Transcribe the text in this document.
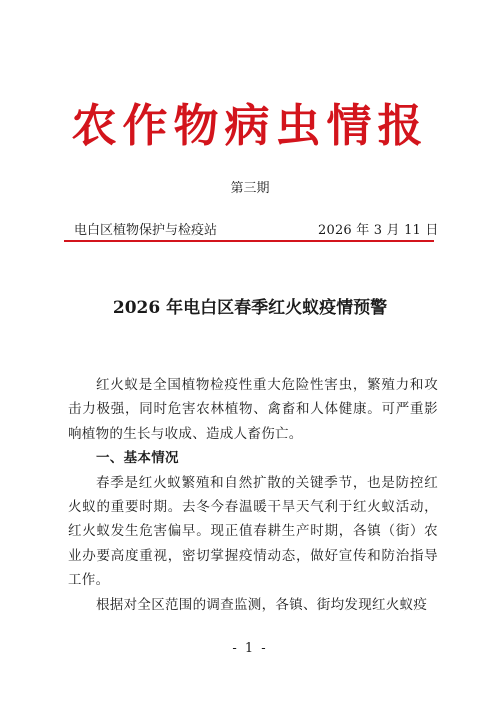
农作物病虫情报
第三期
电白区植物保护与检疫站	2026 年 3 月 11 日
2026 年电白区春季红火蚁疫情预警

红火蚁是全国植物检疫性重大危险性害虫，繁殖力和攻击力极强，同时危害农林植物、禽畜和人体健康。可严重影响植物的生长与收成、造成人畜伤亡。

一、基本情况

春季是红火蚁繁殖和自然扩散的关键季节，也是防控红火蚁的重要时期。去冬今春温暖干旱天气利于红火蚁活动，红火蚁发生危害偏早。现正值春耕生产时期，各镇（街）农业办要高度重视，密切掌握疫情动态，做好宣传和防治指导工作。

根据对全区范围的调查监测，各镇、街均发现红火蚁疫

- 1 -
